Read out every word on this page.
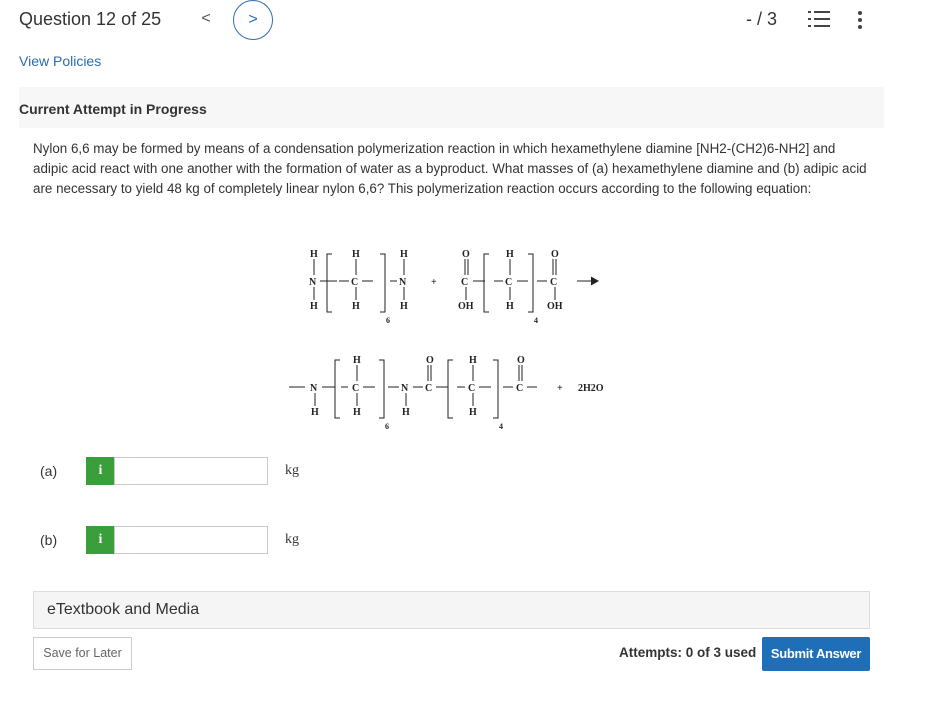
Question 12 of 25	<	>	- / 3
View Policies
Current Attempt in Progress
Nylon 6,6 may be formed by means of a condensation polymerization reaction in which hexamethylene diamine [NH2-(CH2)6-NH2] and adipic acid react with one another with the formation of water as a byproduct. What masses of (a) hexamethylene diamine and (b) adipic acid are necessary to yield 48 kg of completely linear nylon 6,6? This polymerization reaction occurs according to the following equation:
H
N
H
H
C
H
6
H
N
H
+
O
C
OH
H
C
H
4
O
C
OH
N
H
H
C
H
6
N
H
O
C
H
C
H
4
O
C	+ 2H2O
(a)	i	kg
(b)	i	kg
eTextbook and Media
Save for Later	Attempts: 0 of 3 used	Submit Answer
